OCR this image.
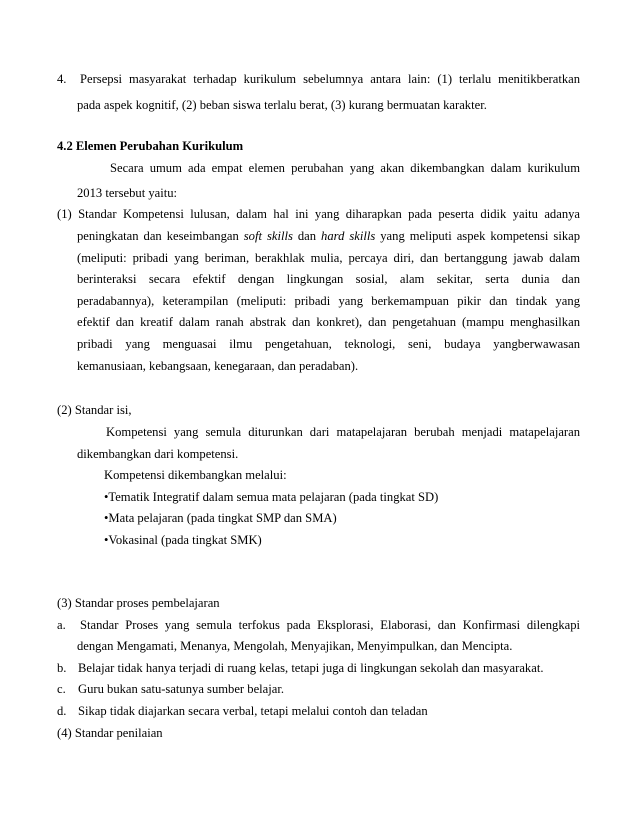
4. Persepsi masyarakat terhadap kurikulum sebelumnya antara lain: (1) terlalu menitikberatkan
pada aspek kognitif, (2) beban siswa terlalu berat, (3) kurang bermuatan karakter.
4.2 Elemen Perubahan Kurikulum
Secara umum ada empat elemen perubahan yang akan dikembangkan dalam kurikulum
2013 tersebut yaitu:
(1) Standar Kompetensi lulusan, dalam hal ini yang diharapkan pada peserta didik yaitu adanya
peningkatan dan keseimbangan soft skills dan hard skills yang meliputi aspek kompetensi sikap
(meliputi: pribadi yang beriman, berakhlak mulia, percaya diri, dan bertanggung jawab dalam
berinteraksi secara efektif dengan lingkungan sosial, alam sekitar, serta dunia dan
peradabannya), keterampilan (meliputi: pribadi yang berkemampuan pikir dan tindak yang
efektif dan kreatif dalam ranah abstrak dan konkret), dan pengetahuan (mampu menghasilkan
pribadi yang menguasai ilmu pengetahuan, teknologi, seni, budaya yangberwawasan
kemanusiaan, kebangsaan, kenegaraan, dan peradaban).
(2) Standar isi,
Kompetensi yang semula diturunkan dari matapelajaran berubah menjadi matapelajaran
dikembangkan dari kompetensi.
Kompetensi dikembangkan melalui:
•Tematik Integratif dalam semua mata pelajaran (pada tingkat SD)
•Mata pelajaran (pada tingkat SMP dan SMA)
•Vokasinal (pada tingkat SMK)
(3) Standar proses pembelajaran
a. Standar Proses yang semula terfokus pada Eksplorasi, Elaborasi, dan Konfirmasi dilengkapi
dengan Mengamati, Menanya, Mengolah, Menyajikan, Menyimpulkan, dan Mencipta.
b. Belajar tidak hanya terjadi di ruang kelas, tetapi juga di lingkungan sekolah dan masyarakat.
c. Guru bukan satu-satunya sumber belajar.
d. Sikap tidak diajarkan secara verbal, tetapi melalui contoh dan teladan
(4) Standar penilaian
